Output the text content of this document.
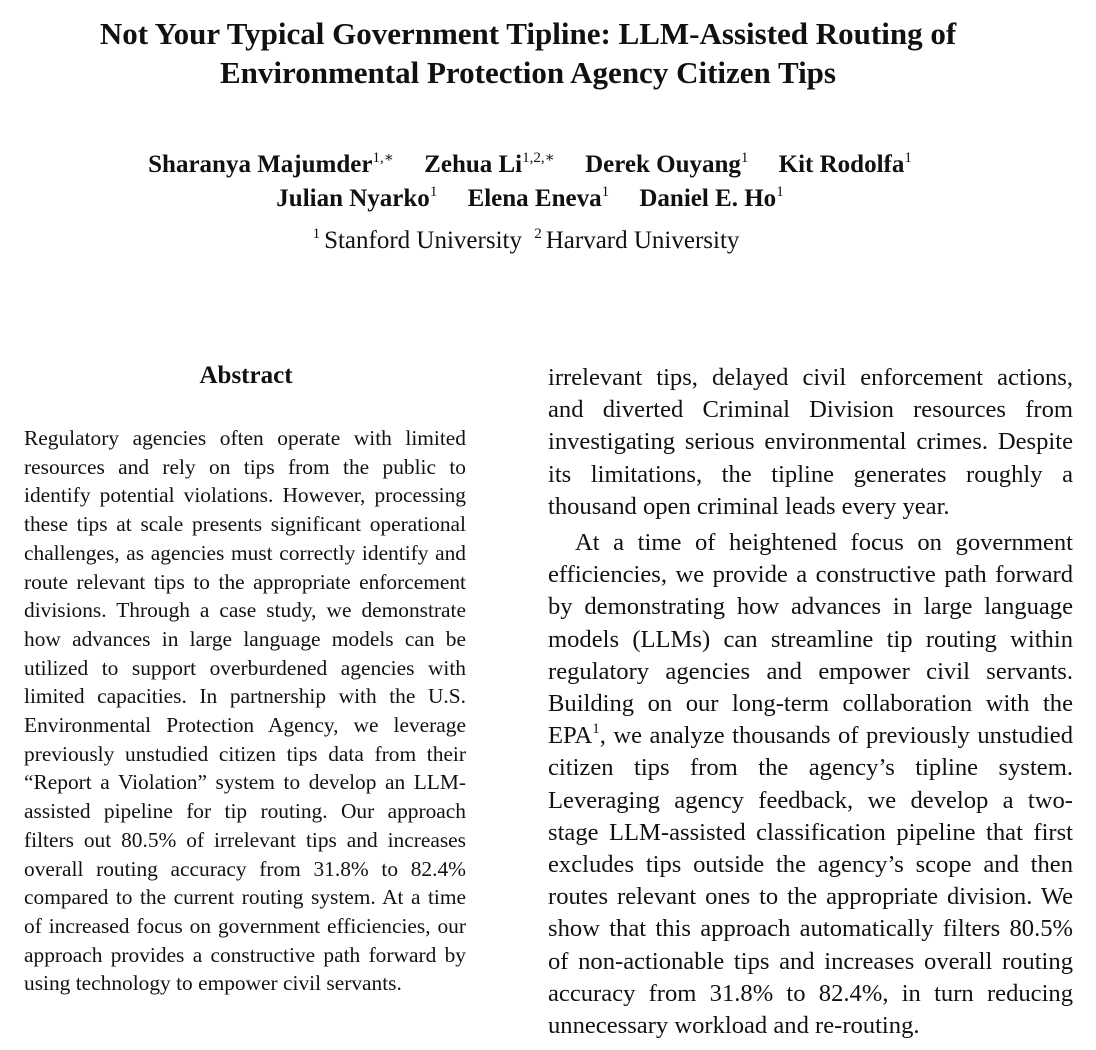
Not Your Typical Government Tipline: LLM-Assisted Routing of
Environmental Protection Agency Citizen Tips
Sharanya Majumder$^{1,∗}$ Zehua $Li^{1,2,∗}$ Derek Ouyang$^1$ Kit Rodolfa$^1$
Julian Nyarko$^1$ Elena Eneva$^1$ Daniel E. Ho$^1$
$^1$ Stanford University $^2$ Harvard University
Abstract

Regulatory agencies often operate with limited resources and rely on tips from the public to identify potential violations. However, processing these tips at scale presents significant operational challenges, as agencies must correctly identify and route relevant tips to the appropriate enforcement divisions. Through a case study, we demonstrate how advances in large language models can be utilized to support overburdened agencies with limited capacities. In partnership with the U.S. Environmental Protection Agency, we leverage previously unstudied citizen tips data from their “Report a Violation” system to develop an LLM-assisted pipeline for tip routing. Our approach filters out 80.5% of irrelevant tips and increases overall routing accuracy from 31.8% to 82.4% compared to the current routing system. At a time of increased focus on government efficiencies, our approach provides a constructive path forward by using technology to empower civil servants.

irrelevant tips, delayed civil enforcement actions, and diverted Criminal Division resources from investigating serious environmental crimes. Despite its limitations, the tipline generates roughly a thousand open criminal leads every year.

At a time of heightened focus on government efficiencies, we provide a constructive path forward by demonstrating how advances in large language models (LLMs) can streamline tip routing within regulatory agencies and empower civil servants. Building on our long-term collaboration with the EPA$^1$, we analyze thousands of previously unstudied citizen tips from the agency’s tipline system. Leveraging agency feedback, we develop a two-stage LLM-assisted classification pipeline that first excludes tips outside the agency’s scope and then routes relevant ones to the appropriate division. We show that this approach automatically filters 80.5% of non-actionable tips and increases overall routing accuracy from 31.8% to 82.4%, in turn reducing unnecessary workload and re-routing.
